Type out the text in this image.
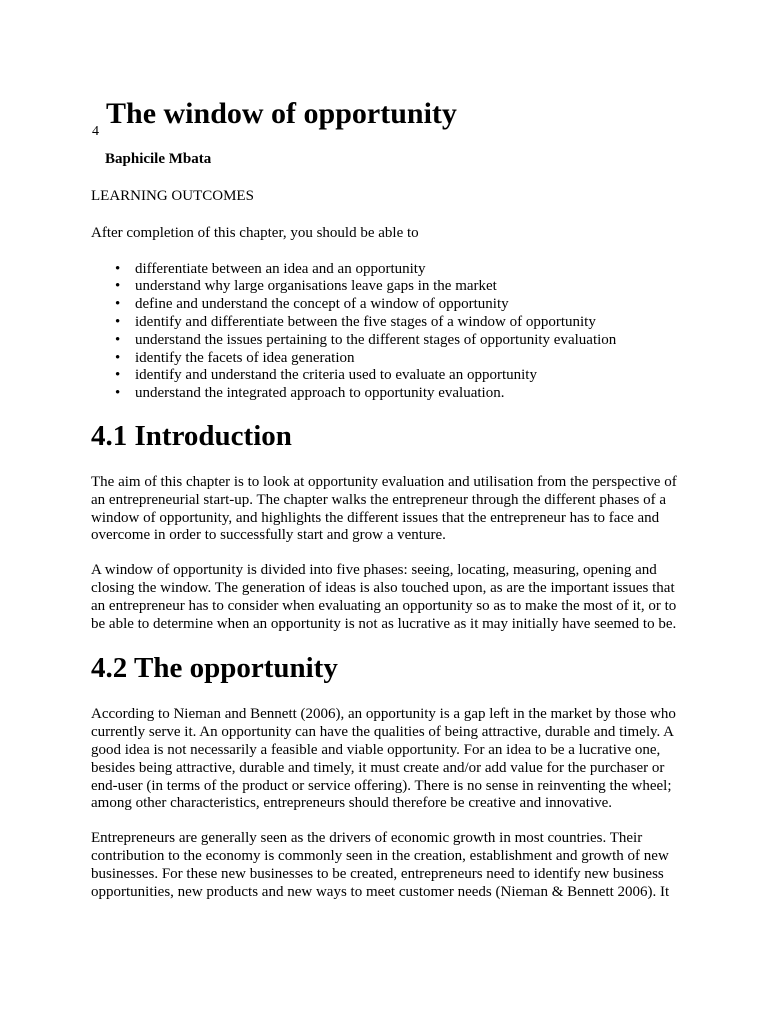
4
The window of opportunity

Baphicile Mbata

LEARNING OUTCOMES

After completion of this chapter, you should be able to

• differentiate between an idea and an opportunity
• understand why large organisations leave gaps in the market
• define and understand the concept of a window of opportunity
• identify and differentiate between the five stages of a window of opportunity
• understand the issues pertaining to the different stages of opportunity evaluation
• identify the facets of idea generation
• identify and understand the criteria used to evaluate an opportunity
• understand the integrated approach to opportunity evaluation.
4.1 Introduction

The aim of this chapter is to look at opportunity evaluation and utilisation from the perspective of an entrepreneurial start-up. The chapter walks the entrepreneur through the different phases of a window of opportunity, and highlights the different issues that the entrepreneur has to face and overcome in order to successfully start and grow a venture.

A window of opportunity is divided into five phases: seeing, locating, measuring, opening and closing the window. The generation of ideas is also touched upon, as are the important issues that an entrepreneur has to consider when evaluating an opportunity so as to make the most of it, or to be able to determine when an opportunity is not as lucrative as it may initially have seemed to be.

4.2 The opportunity

According to Nieman and Bennett (2006), an opportunity is a gap left in the market by those who currently serve it. An opportunity can have the qualities of being attractive, durable and timely. A good idea is not necessarily a feasible and viable opportunity. For an idea to be a lucrative one, besides being attractive, durable and timely, it must create and/or add value for the purchaser or end-user (in terms of the product or service offering). There is no sense in reinventing the wheel; among other characteristics, entrepreneurs should therefore be creative and innovative.

Entrepreneurs are generally seen as the drivers of economic growth in most countries. Their contribution to the economy is commonly seen in the creation, establishment and growth of new businesses. For these new businesses to be created, entrepreneurs need to identify new business opportunities, new products and new ways to meet customer needs (Nieman & Bennett 2006). It
